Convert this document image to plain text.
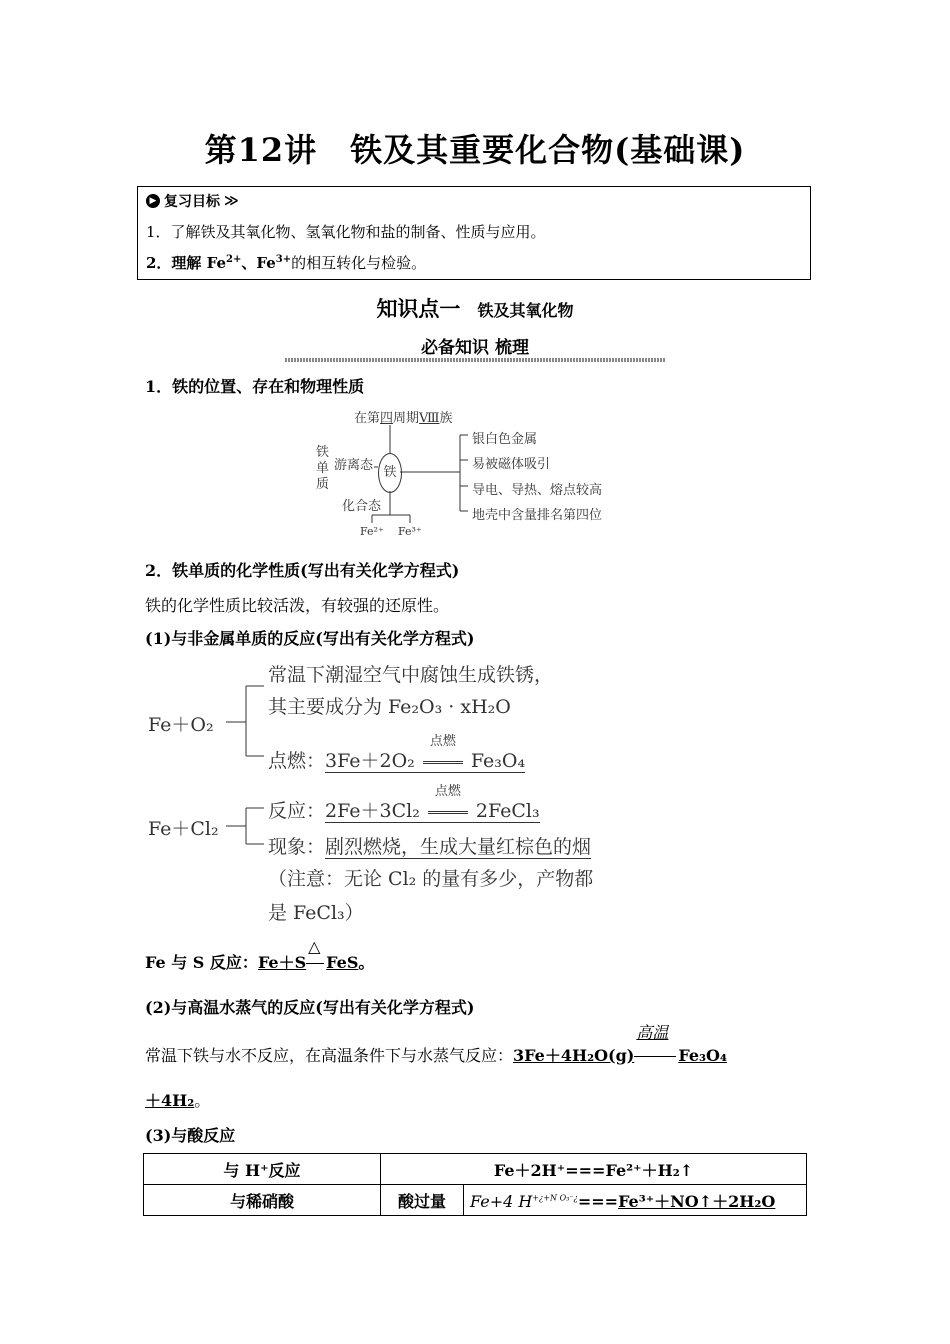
第12讲　铁及其重要化合物(基础课)
▶ 复习目标 ≫
1．了解铁及其氧化物、氢氧化物和盐的制备、性质与应用。
2．理解 $Fe^{2+}$、$Fe^{3+}$的相互转化与检验。
知识点一 铁及其氧化物
必备知识 梳理
1．铁的位置、存在和物理性质
在第四周期Ⅷ族
铁单质
游离态
化合态
铁
Fe²⁺ Fe³⁺
银白色金属
易被磁体吸引
导电、导热、熔点较高
地壳中含量排名第四位
2．铁单质的化学性质(写出有关化学方程式)
铁的化学性质比较活泼，有较强的还原性。
(1)与非金属单质的反应(写出有关化学方程式)
Fe＋O₂
常温下潮湿空气中腐蚀生成铁锈，
其主要成分为 Fe₂O₃ · xH₂O
点燃：3Fe＋2O₂
点燃
Fe₃O₄
Fe＋Cl₂
反应：2Fe＋3Cl₂
点燃
2FeCl₃
现象：剧烈燃烧，生成大量红棕色的烟
（注意：无论 Cl₂ 的量有多少，产物都
是 FeCl₃）
Fe 与 S 反应：Fe＋S
△
FeS。
(2)与高温水蒸气的反应(写出有关化学方程式)
常温下铁与水不反应，在高温条件下与水蒸气反应：3Fe＋4H₂O(g)
高温
Fe₃O₄
＋4H₂。
(3)与酸反应
与 H⁺反应	Fe＋2H⁺===Fe²⁺＋H₂↑	
与稀硝酸	酸过量	Fe+4 $H^{+¿+N O_3^-¿}===Fe^{3+}+NO↑+2H_2O$
